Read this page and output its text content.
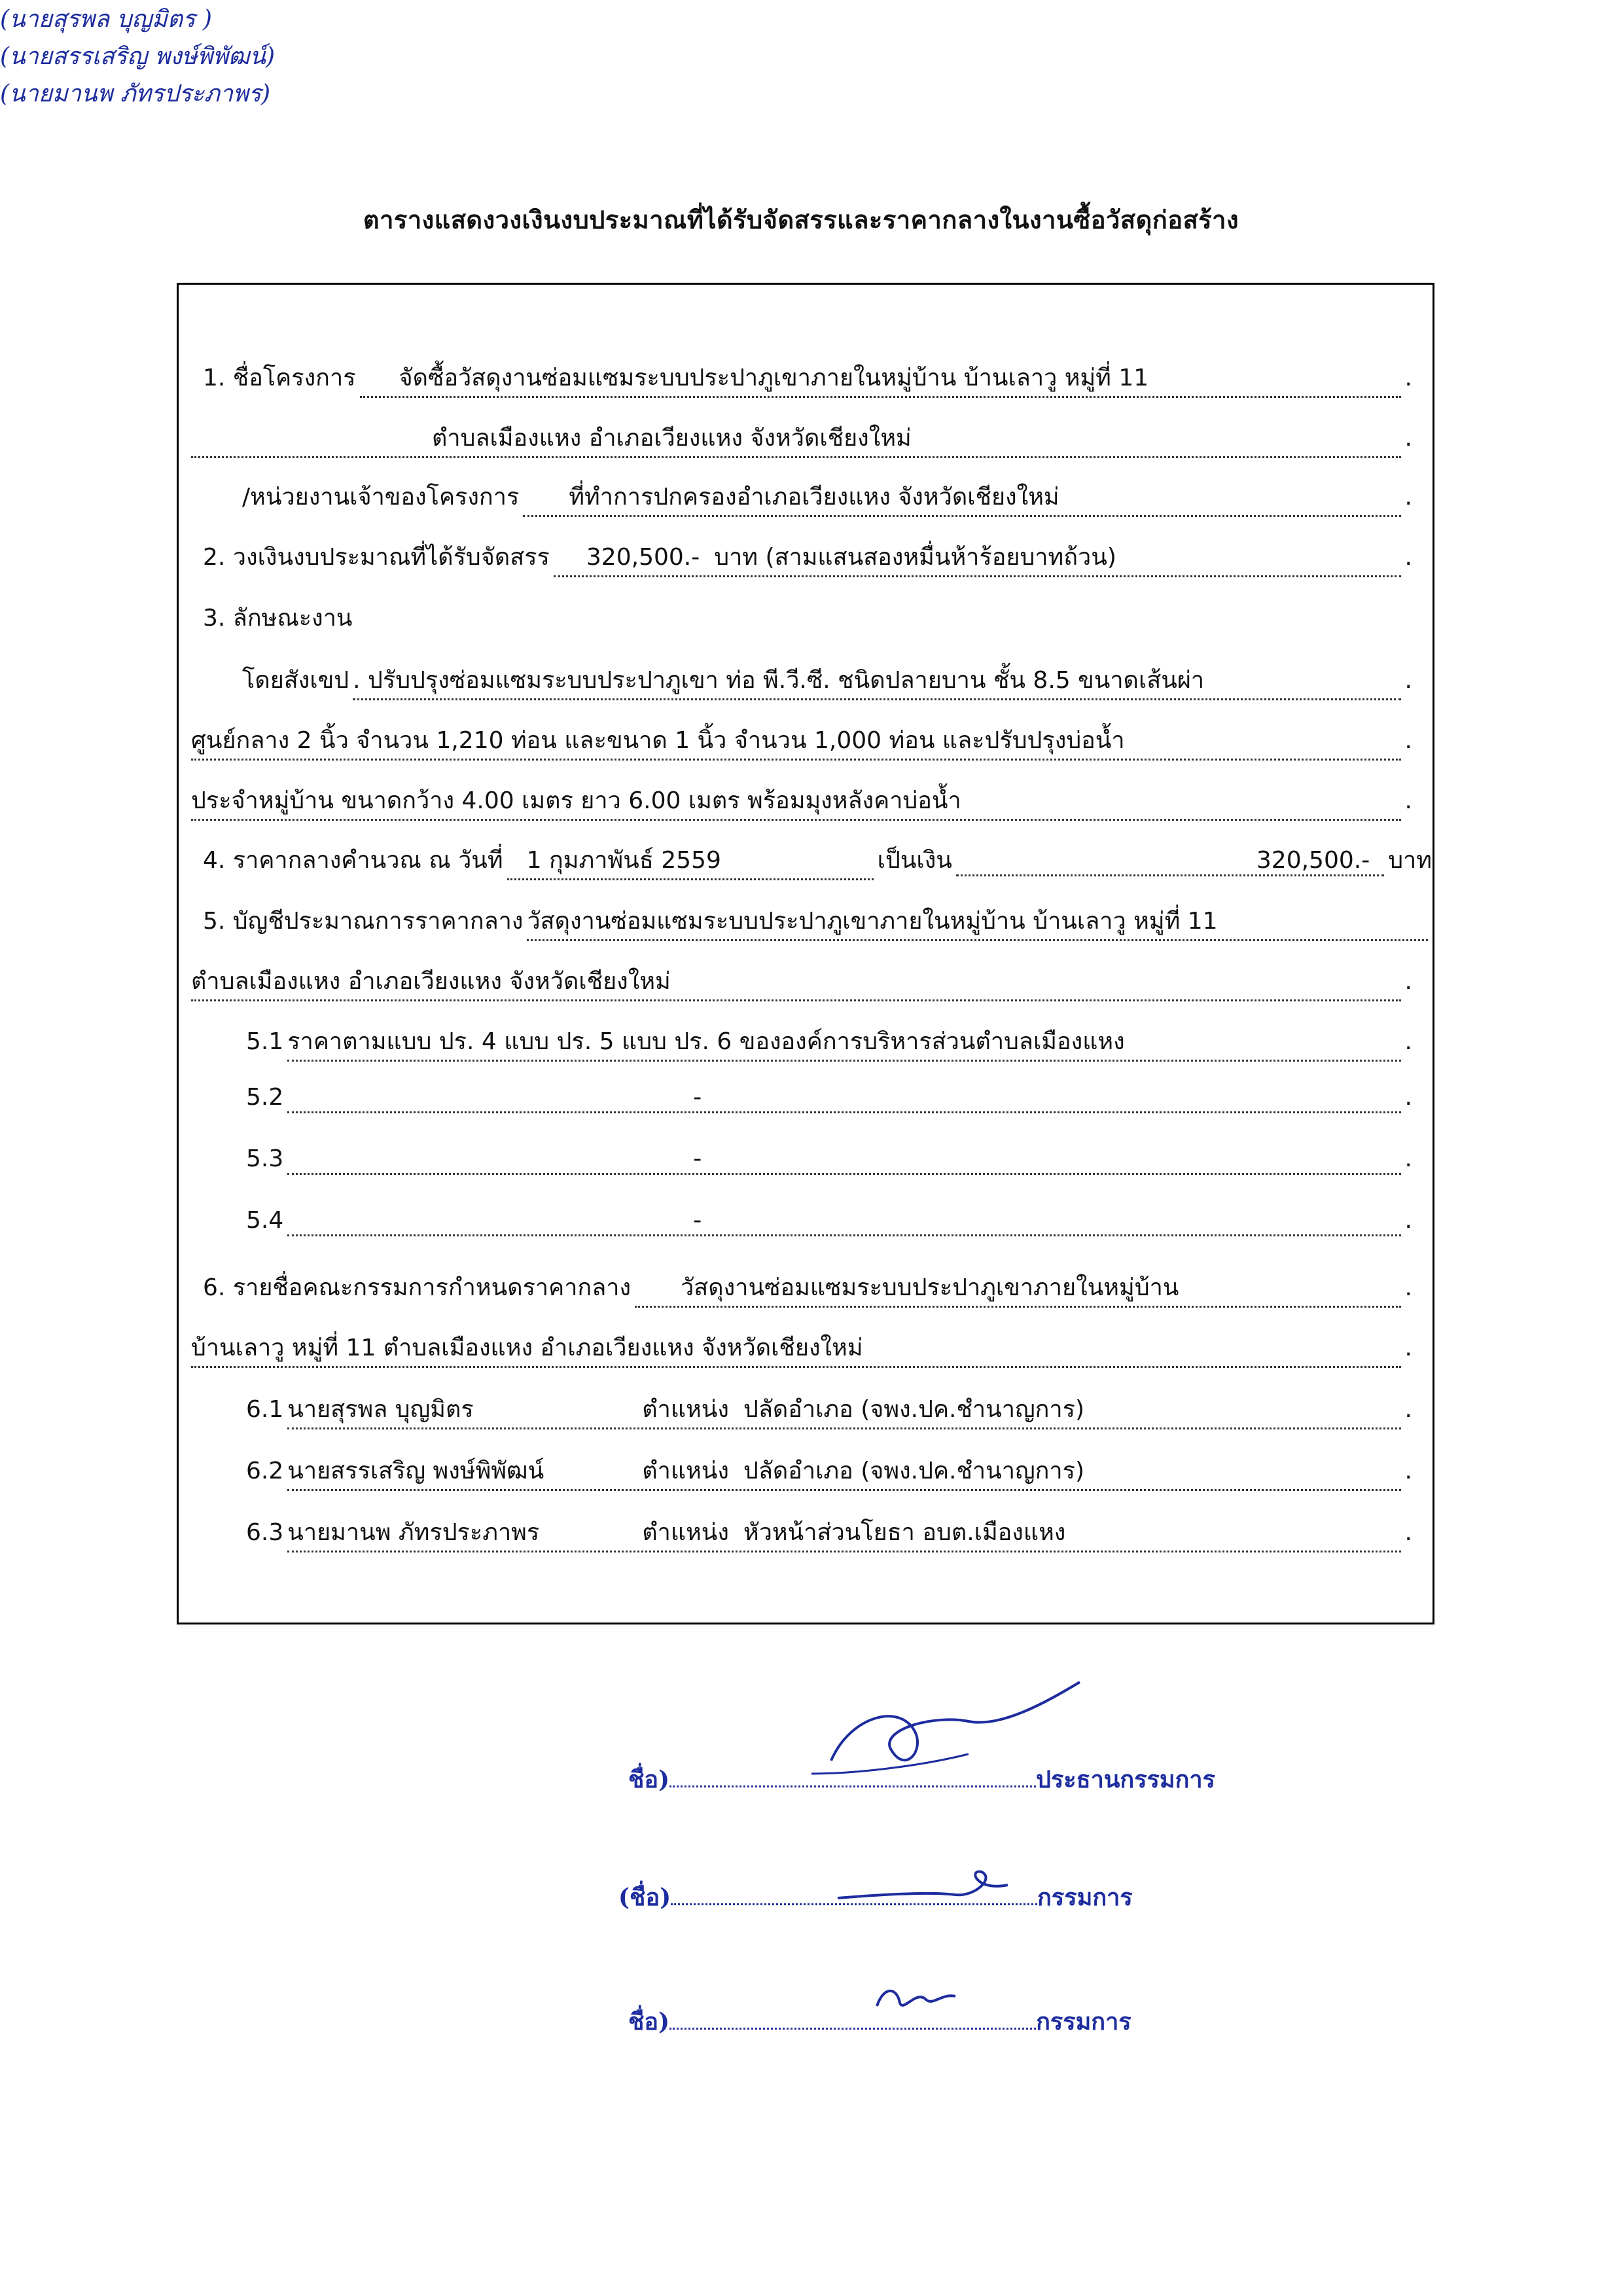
ตารางแสดงวงเงินงบประมาณที่ได้รับจัดสรรและราคากลางในงานซื้อวัสดุก่อสร้าง
1. ชื่อโครงการ จัดซื้อวัสดุงานซ่อมแซมระบบประปาภูเขาภายในหมู่บ้าน บ้านเลาวู หมู่ที่ 11	.
ตำบลเมืองแหง อำเภอเวียงแหง จังหวัดเชียงใหม่	.
/หน่วยงานเจ้าของโครงการ ที่ทำการปกครองอำเภอเวียงแหง จังหวัดเชียงใหม่	.
2. วงเงินงบประมาณที่ได้รับจัดสรร 320,500.- บาท (สามแสนสองหมื่นห้าร้อยบาทถ้วน)	.
3. ลักษณะงาน
โดยสังเขป . ปรับปรุงซ่อมแซมระบบประปาภูเขา ท่อ พี.วี.ซี. ชนิดปลายบาน ชั้น 8.5 ขนาดเส้นผ่า	.
ศูนย์กลาง 2 นิ้ว จำนวน 1,210 ท่อน และขนาด 1 นิ้ว จำนวน 1,000 ท่อน และปรับปรุงบ่อน้ำ	.
ประจำหมู่บ้าน ขนาดกว้าง 4.00 เมตร ยาว 6.00 เมตร พร้อมมุงหลังคาบ่อน้ำ	.
4. ราคากลางคำนวณ ณ วันที่ 1 กุมภาพันธ์ 2559	เป็นเงิน	320,500.- บาท
5. บัญชีประมาณการราคากลาง วัสดุงานซ่อมแซมระบบประปาภูเขาภายในหมู่บ้าน บ้านเลาวู หมู่ที่ 11
ตำบลเมืองแหง อำเภอเวียงแหง จังหวัดเชียงใหม่	.
5.1 ราคาตามแบบ ปร. 4 แบบ ปร. 5 แบบ ปร. 6 ขององค์การบริหารส่วนตำบลเมืองแหง	.
5.2	-	.
5.3	-	.
5.4	-	.
6. รายชื่อคณะกรรมการกำหนดราคากลาง วัสดุงานซ่อมแซมระบบประปาภูเขาภายในหมู่บ้าน	.
บ้านเลาวู หมู่ที่ 11 ตำบลเมืองแหง อำเภอเวียงแหง จังหวัดเชียงใหม่	.
6.1 นายสุรพล บุญมิตร	ตำแหน่ง ปลัดอำเภอ (จพง.ปค.ชำนาญการ)	.
6.2 นายสรรเสริญ พงษ์พิพัฒน์	ตำแหน่ง ปลัดอำเภอ (จพง.ปค.ชำนาญการ)	.
6.3 นายมานพ ภัทรประภาพร	ตำแหน่ง หัวหน้าส่วนโยธา อบต.เมืองแหง	.
ชื่อ)	ประธานกรรมการ
(นายสุรพล บุญมิตร )
(ชื่อ)	กรรมการ
(นายสรรเสริญ พงษ์พิพัฒน์)
ชื่อ)	กรรมการ
(นายมานพ ภัทรประภาพร)
